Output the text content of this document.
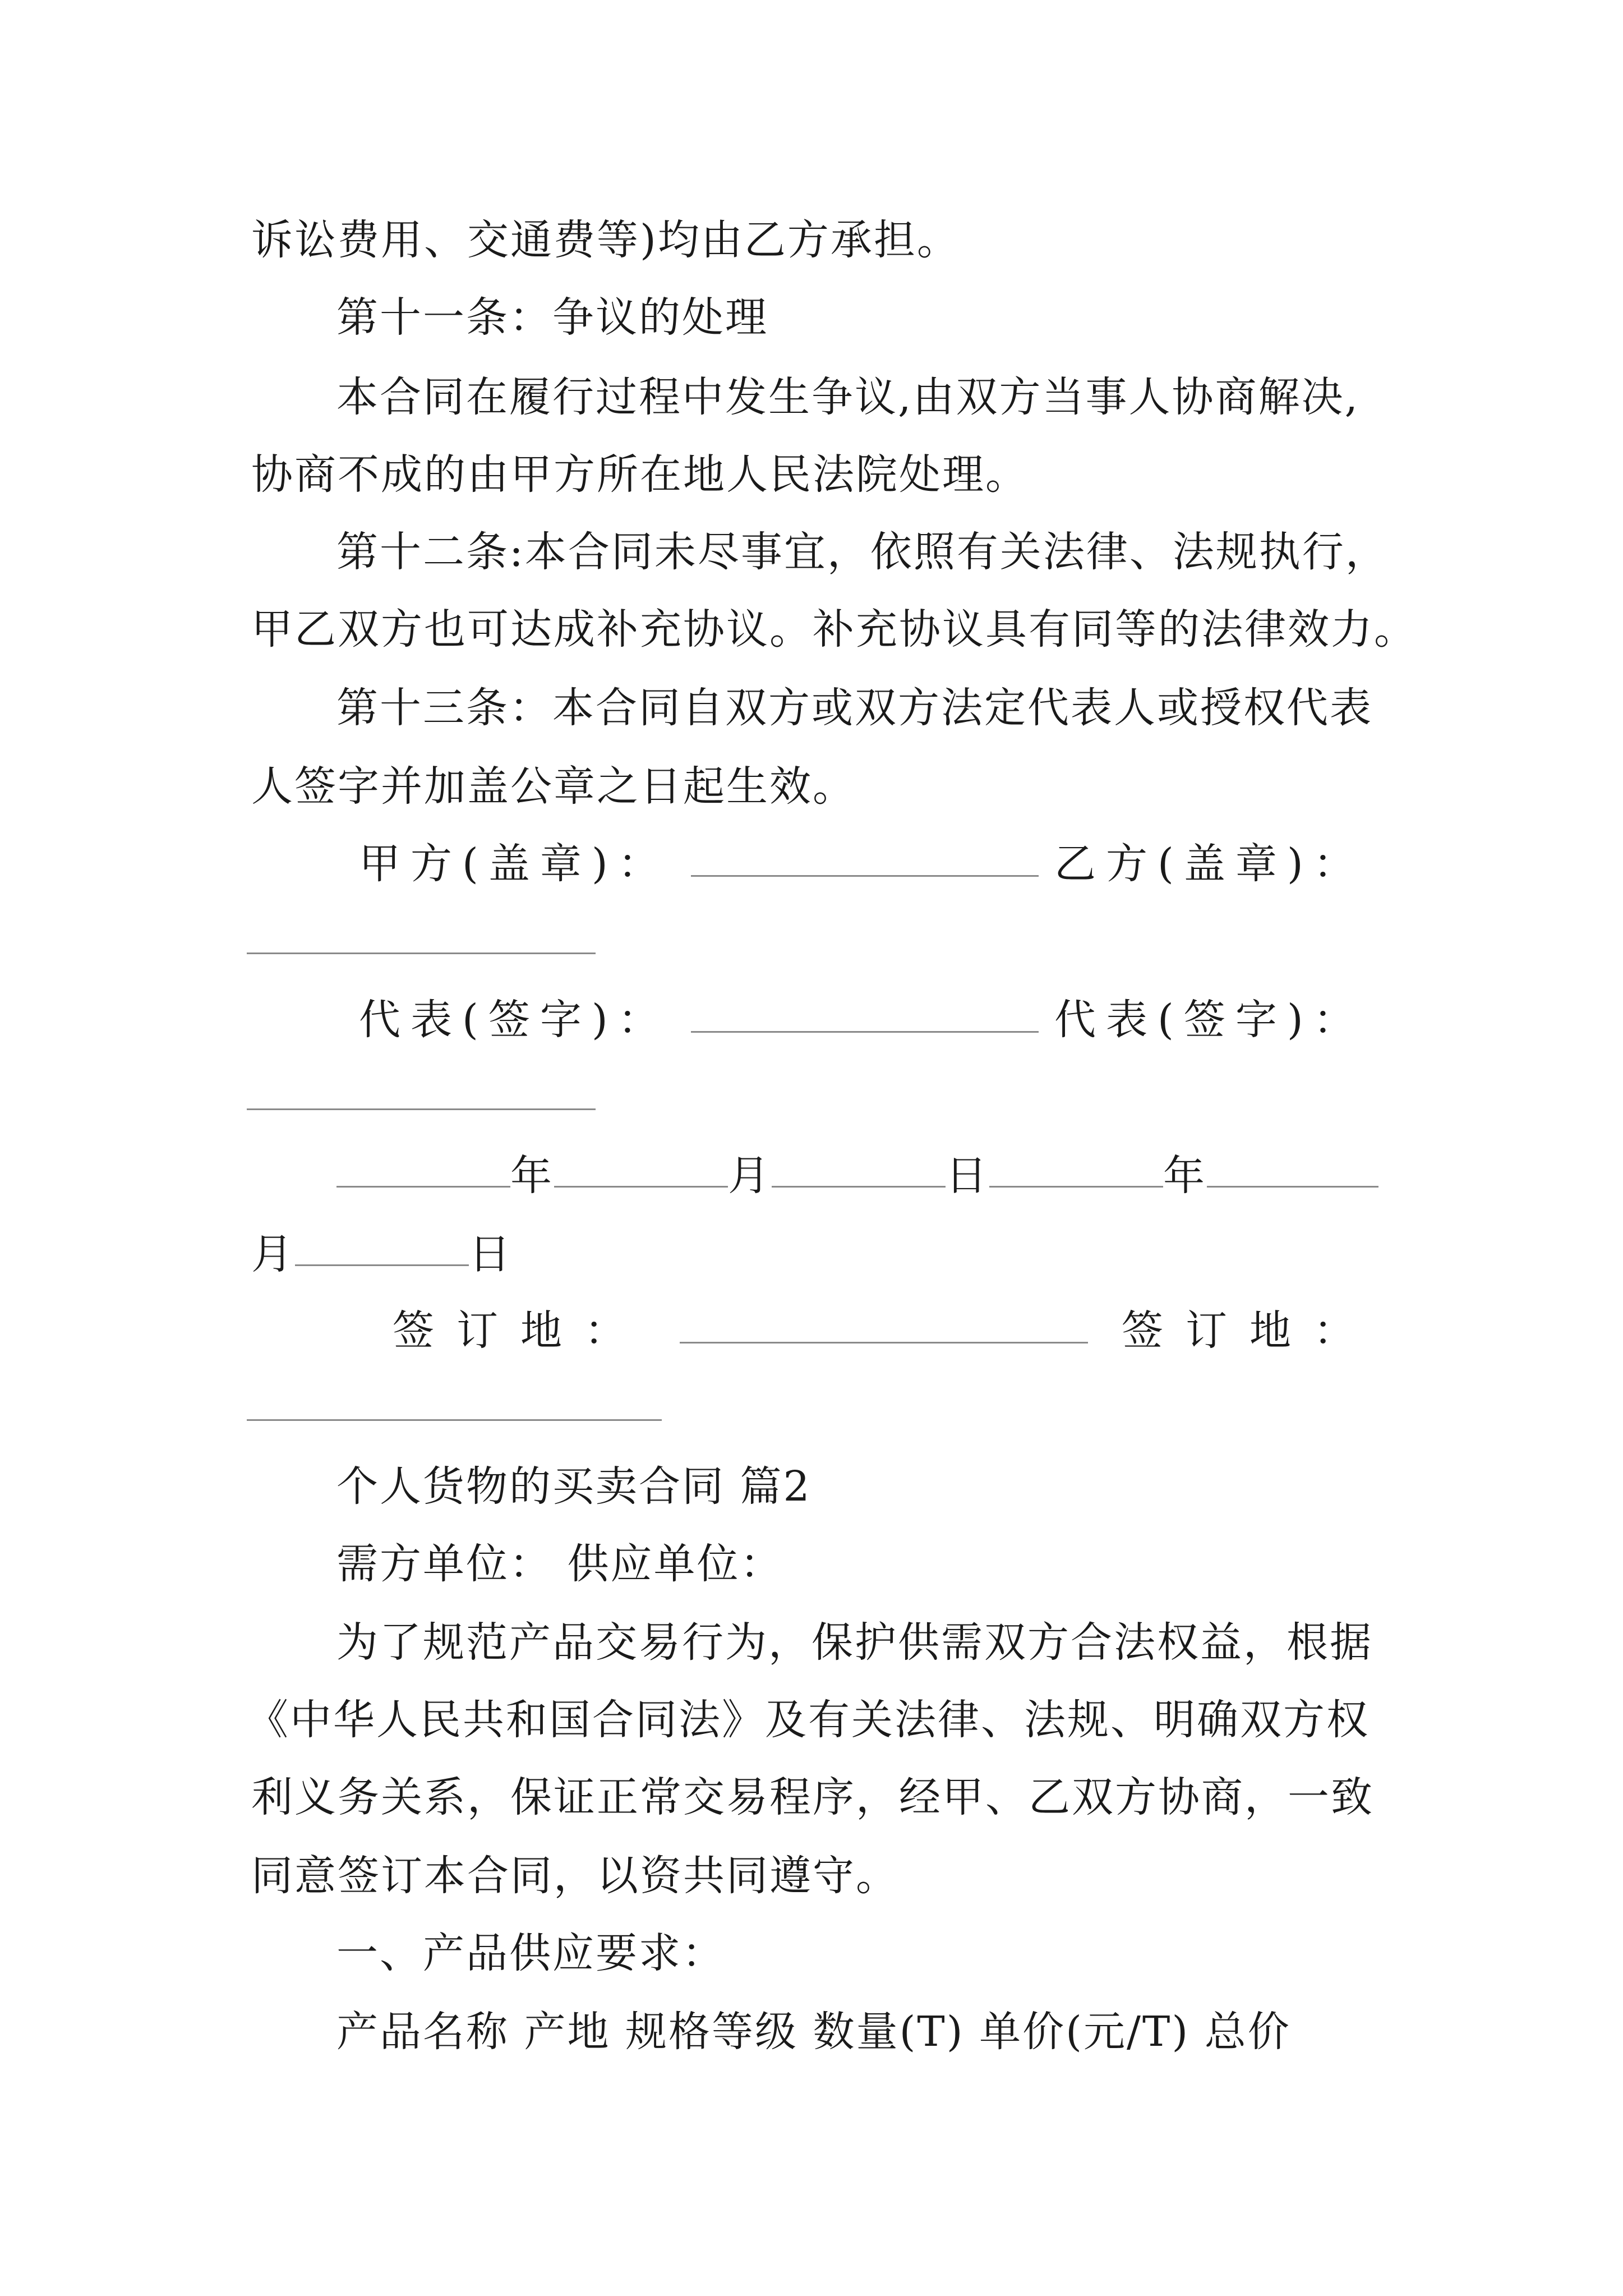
诉讼费用、交通费等)均由乙方承担。
第十一条：争议的处理
本合同在履行过程中发生争议,由双方当事人协商解决,
协商不成的由甲方所在地人民法院处理。
第十二条:本合同未尽事宜，依照有关法律、法规执行，
甲乙双方也可达成补充协议。补充协议具有同等的法律效力。
第十三条：本合同自双方或双方法定代表人或授权代表
人签字并加盖公章之日起生效。
甲方(盖章)：	乙方(盖章)：
代表(签字)：	代表(签字)：
年	月	日	年
月	日
签订地：	签订地：
个人货物的买卖合同 篇2
需方单位： 供应单位：
为了规范产品交易行为，保护供需双方合法权益，根据
《中华人民共和国合同法》及有关法律、法规、明确双方权
利义务关系，保证正常交易程序，经甲、乙双方协商，一致
同意签订本合同，以资共同遵守。
一、产品供应要求：
产品名称 产地 规格等级 数量(T) 单价(元/T) 总价
